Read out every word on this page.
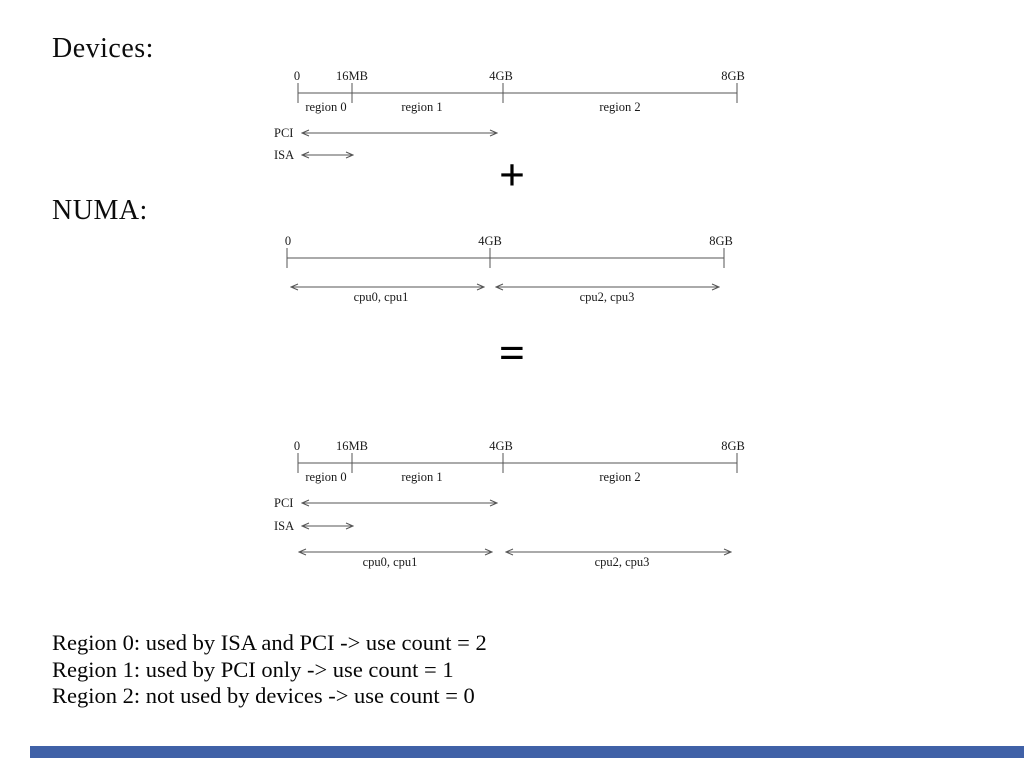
Devices:
NUMA:
+
=
0	16MB	4GB	8GB
region 0	region 1	region 2
PCI
ISA
0	4GB	8GB
cpu0, cpu1	cpu2, cpu3
0	16MB	4GB	8GB
region 0	region 1	region 2
PCI
ISA
cpu0, cpu1	cpu2, cpu3
Region 0: used by ISA and PCI -> use count = 2
Region 1: used by PCI only -> use count = 1
Region 2: not used by devices -> use count = 0
